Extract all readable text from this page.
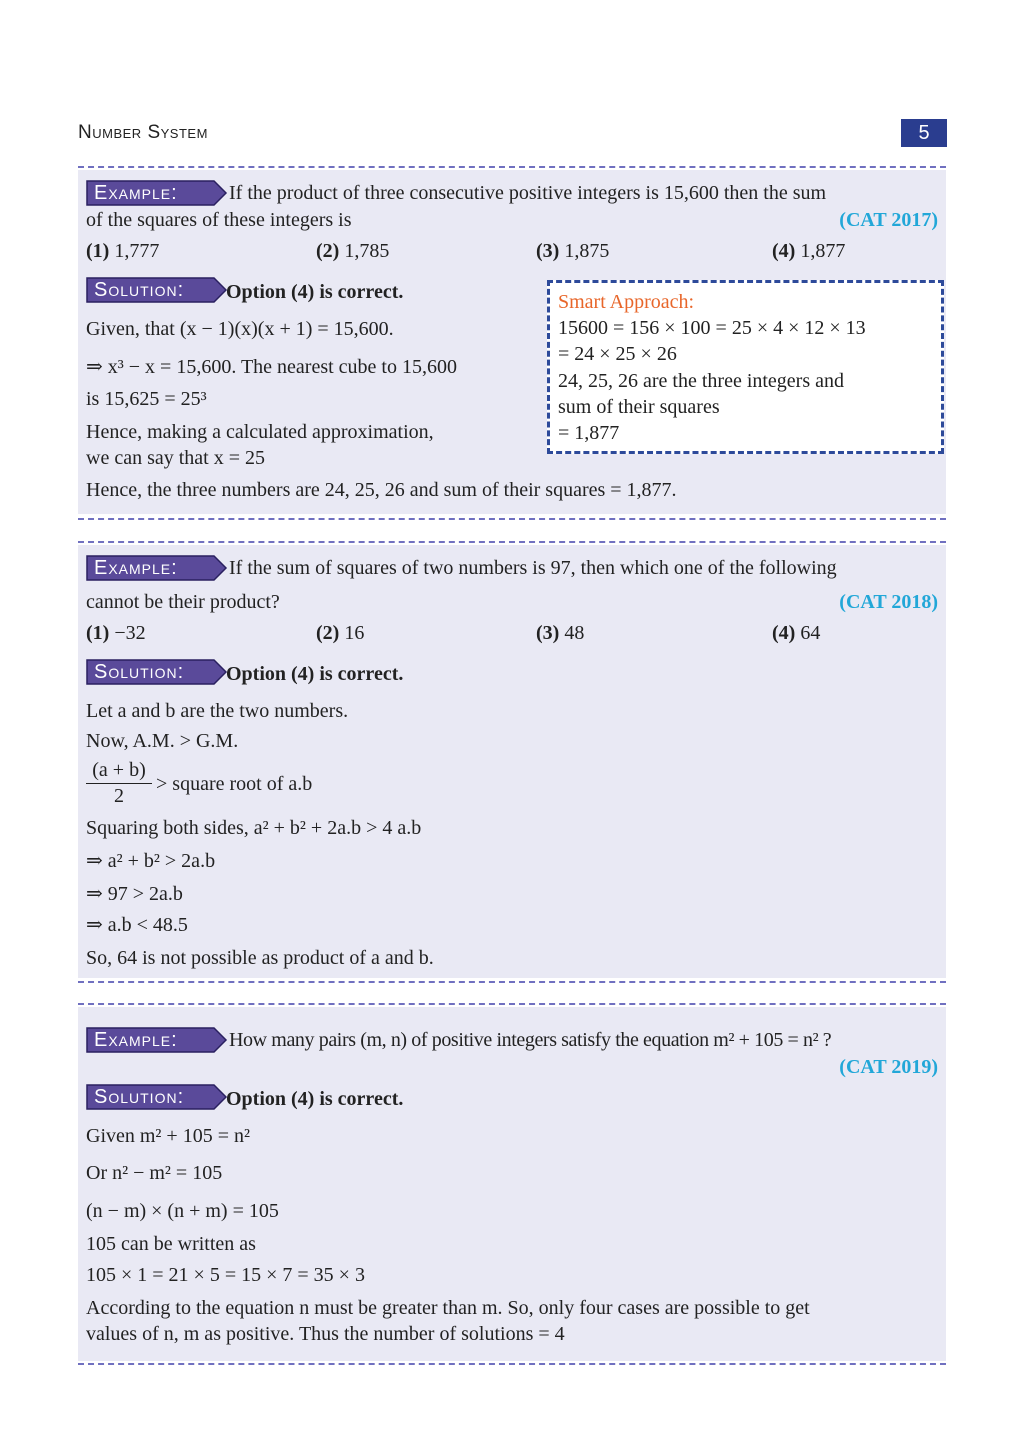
Number System	5
Example:	If the product of three consecutive positive integers is 15,600 then the sum
of the squares of these integers is	(CAT 2017)
(1) 1,777	(2) 1,785	(3) 1,875	(4) 1,877
Solution: Option (4) is correct.
Given, that (x − 1)(x)(x + 1) = 15,600.
⇒ x³ − x = 15,600. The nearest cube to 15,600
is 15,625 = 25³
Hence, making a calculated approximation,
we can say that x = 25
Hence, the three numbers are 24, 25, 26 and sum of their squares = 1,877.
Smart Approach:
15600 = 156 × 100 = 25 × 4 × 12 × 13
= 24 × 25 × 26
24, 25, 26 are the three integers and
sum of their squares
= 1,877
Example:	If the sum of squares of two numbers is 97, then which one of the following
cannot be their product?	(CAT 2018)
(1) −32	(2) 16	(3) 48	(4) 64
Solution: Option (4) is correct.
Let a and b are the two numbers.
Now, A.M. > G.M.
> square root of a.b
Squaring both sides, a² + b² + 2a.b > 4 a.b
⇒ a² + b² > 2a.b
⇒ 97 > 2a.b
⇒ a.b < 48.5
So, 64 is not possible as product of a and b.
$\frac{(a + b)}{2}$
Example:	How many pairs (m, n) of positive integers satisfy the equation m² + 105 = n² ?
(CAT 2019)
Solution: Option (4) is correct.
Given m² + 105 = n²
Or n² − m² = 105
(n − m) × (n + m) = 105
105 can be written as
105 × 1 = 21 × 5 = 15 × 7 = 35 × 3
According to the equation n must be greater than m. So, only four cases are possible to get
values of n, m as positive. Thus the number of solutions = 4
